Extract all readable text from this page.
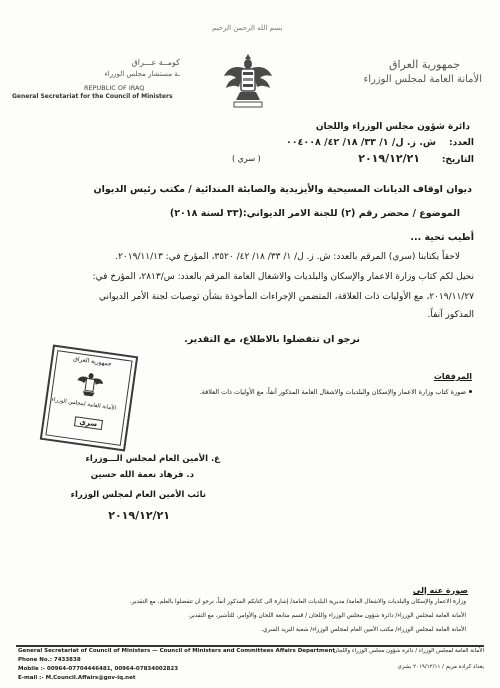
كومــة عـــراق
ـة مستشار مجلس الوزراء
REPUBLIC OF IRAQ
General Secretariat for the Council of Ministers
بسم الله الرحمن الرحيم
جمهورية العراق
الأمانة العامة لمجلس الوزراء
دائرة شؤون مجلس الوزراء واللجان
العدد:
ش. ز. ل/ ١/ ٣٣/ ١٨/ ٤٢/ ٠٠٤٠٠٨
التاريخ:
٢٠١٩/١٢/٢١
( سري )
ديوان اوقاف الديانات المسيحية والأيزيدية والصابئة المندائية / مكتب رئيس الديوان
الموضوع / محضر رقم (٢) للجنة الامر الديواني:(٣٣ لسنة ٢٠١٨)
أطيب تحية ...
لاحقاً بكتابنا (سري) المرقم بالعدد: ش. ز. ل/ ١/ ٣٣/ ١٨/ ٤٢/ ٣٥٢٠، المؤرخ في: ٢٠١٩/١١/١٣.
نحيل لكم كتاب وزارة الاعمار والإسكان والبلديات والاشغال العامة المرقم بالعدد: س/٢٨١٣، المؤرخ في:
٢٠١٩/١١/٢٧، مع الأوليات ذات العلاقة، المتضمن الإجراءات المأخوذة بشأن توصيات لجنة الأمر الديواني
المذكور آنفاً.
نرجو ان تتفضلوا بالاطلاع، مع التقدير.
جمهورية العراق
الأمانة العامة لمجلس الوزراء
سري
المرفقات
صورة كتاب وزارة الاعمار والإسكان والبلديات والاشغال العامة المذكور آنفاً، مع الأوليات ذات العلاقة.
ع. الأمين العام لمجلس الـــوزراء
د. فرهاد نعمة الله حسين
نائب الأمين العام لمجلس الوزراء
٢٠١٩/١٢/٢١
صورة عنه إلى
وزارة الاعمار والإسكان والبلديات والاشغال العامة/ مديرية البلديات العامة/ إشارة الى كتابكم المذكور آنفاً، نرجو ان تتفضلوا بالعلم، مع التقدير.
الأمانة العامة لمجلس الوزراء/ دائرة شؤون مجلس الوزراء واللجان / قسم متابعة اللجان والأوامر، للتأشير، مع التقدير.
الأمانة العامة لمجلس الوزراء/ مكتب الأمين العام لمجلس الوزراء/ شعبة البريد السري.
General Secretariat of Council of Ministers — Council of Ministers and Committees Affairs Department
Phone No.: 7433838
Mobile :- 00964-07704446481, 00964-07834002823
E-mail :- M.Council.Affairs@gov-iq.net
الأمانة العامة لمجلس الوزراء / دائرة شؤون مجلس الوزراء واللجان
بغداد كرادة مريم / ٢٠١٩/١٢/١١ بشرى
